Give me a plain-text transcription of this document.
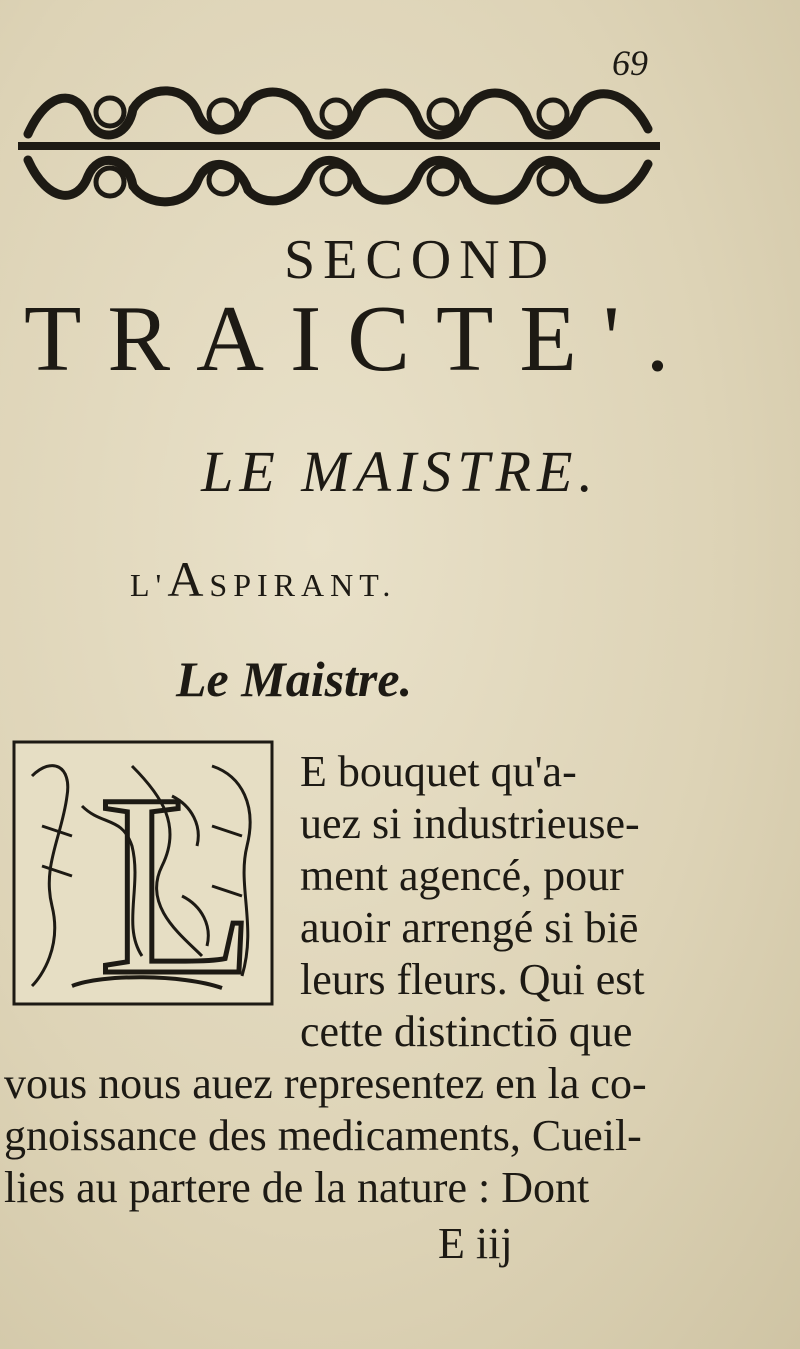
69
SECOND
TRAICTE'.
LE MAISTRE.
L'ASPIRANT.
Le Maistre.
L E bouquet qu'a-
uez si industrieuse-
ment agencé, pour
auoir arrengé si biē
leurs fleurs. Qui est
cette distinctiō que
vous nous auez representez en la co-
gnoissance des medicaments, Cueil-
lies au partere de la nature : Dont
E iij
